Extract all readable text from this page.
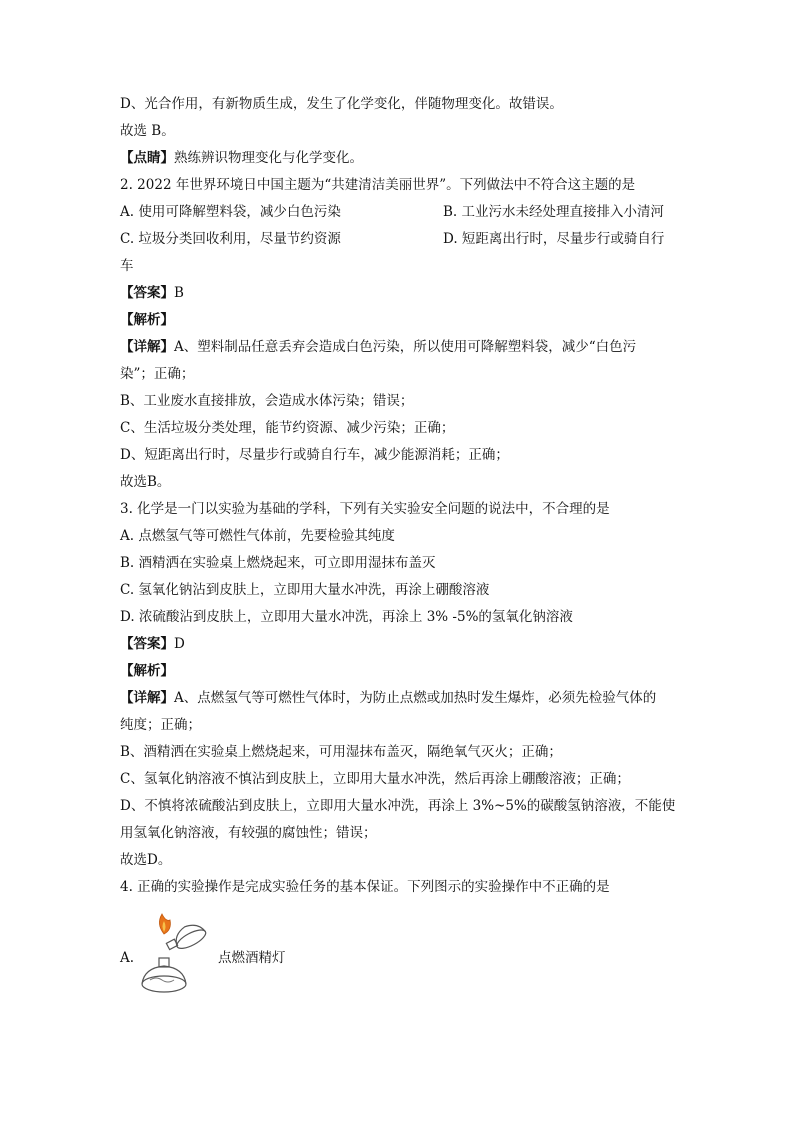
D、光合作用，有新物质生成，发生了化学变化，伴随物理变化。故错误。
故选 B。
【点睛】熟练辨识物理变化与化学变化。
2. 2022 年世界环境日中国主题为“共建清洁美丽世界”。下列做法中不符合这主题的是
A. 使用可降解塑料袋，减少白色污染	B. 工业污水未经处理直接排入小清河
C. 垃圾分类回收利用，尽量节约资源	D. 短距离出行时，尽量步行或骑自行
车
【答案】B
【解析】
【详解】A、塑料制品任意丢弃会造成白色污染，所以使用可降解塑料袋，减少“白色污
染”；正确；
B、工业废水直接排放，会造成水体污染；错误；
C、生活垃圾分类处理，能节约资源、减少污染；正确；
D、短距离出行时，尽量步行或骑自行车，减少能源消耗；正确；
故选B。
3. 化学是一门以实验为基础的学科，下列有关实验安全问题的说法中，不合理的是
A. 点燃氢气等可燃性气体前，先要检验其纯度
B. 酒精洒在实验桌上燃烧起来，可立即用湿抹布盖灭
C. 氢氧化钠沾到皮肤上，立即用大量水冲洗，再涂上硼酸溶液
D. 浓硫酸沾到皮肤上，立即用大量水冲洗，再涂上 3% -5%的氢氧化钠溶液
【答案】D
【解析】
【详解】A、点燃氢气等可燃性气体时，为防止点燃或加热时发生爆炸，必须先检验气体的
纯度；正确；
B、酒精洒在实验桌上燃烧起来，可用湿抹布盖灭，隔绝氧气灭火；正确；
C、氢氧化钠溶液不慎沾到皮肤上，立即用大量水冲洗，然后再涂上硼酸溶液；正确；
D、不慎将浓硫酸沾到皮肤上，立即用大量水冲洗，再涂上 3%~5%的碳酸氢钠溶液，不能使
用氢氧化钠溶液，有较强的腐蚀性；错误；
故选D。
4. 正确的实验操作是完成实验任务的基本保证。下列图示的实验操作中不正确的是
A.	点燃酒精灯
